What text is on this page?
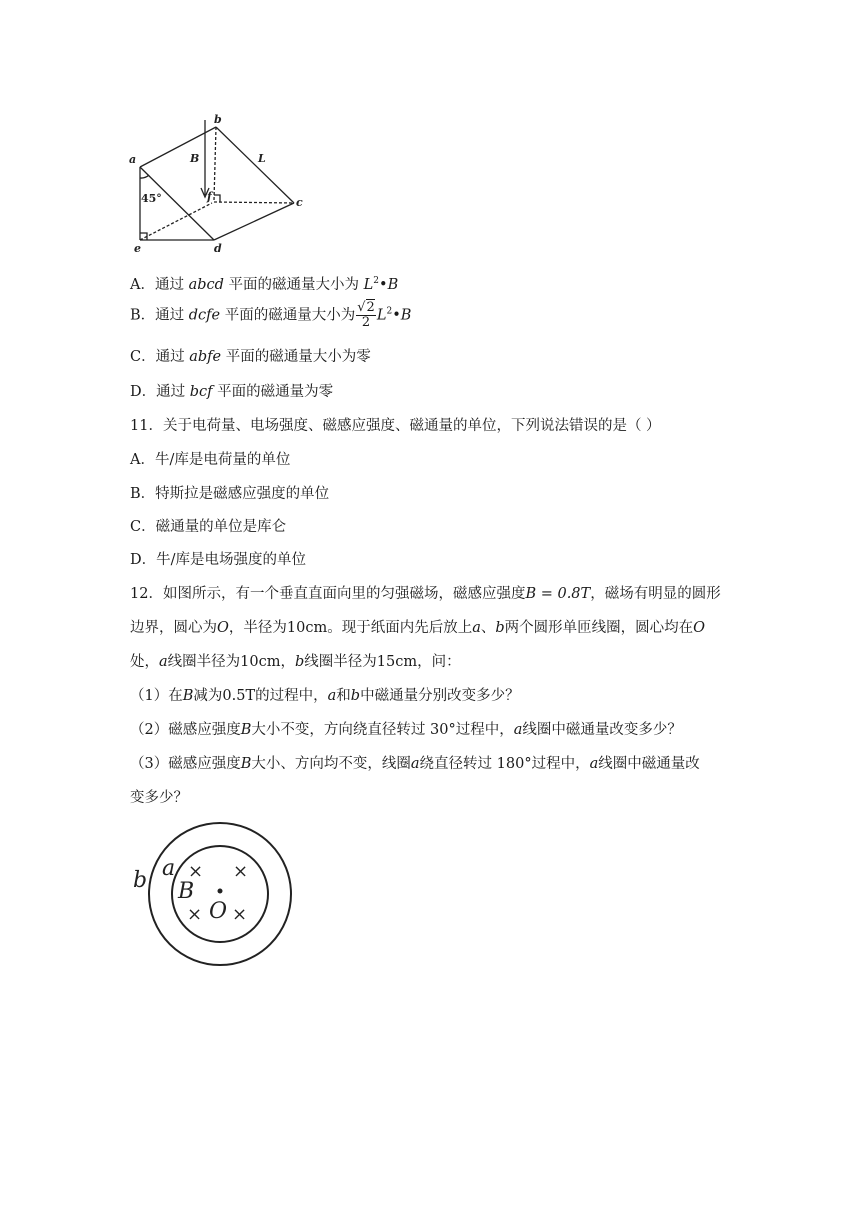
a
b
c
d
e
f
B	L
45°
A．通过 abcd 平面的磁通量大小为 $L^2•B$
B．通过 dcfe 平面的磁通量大小为 $\frac{√2}{2}$ $L^2•B$
C．通过 abfe 平面的磁通量大小为零
D．通过 bcf 平面的磁通量为零
11．关于电荷量、电场强度、磁感应强度、磁通量的单位，下列说法错误的是（ ）
A．牛/库是电荷量的单位
B．特斯拉是磁感应强度的单位
C．磁通量的单位是库仑
D．牛/库是电场强度的单位
12．如图所示，有一个垂直直面向里的匀强磁场，磁感应强度B = 0.8T，磁场有明显的圆形
边界，圆心为O，半径为10cm。现于纸面内先后放上a、b两个圆形单匝线圈，圆心均在O
处，a线圈半径为10cm，b线圈半径为15cm，问：
（1）在B减为0.5T的过程中，a和b中磁通量分别改变多少？
（2）磁感应强度B大小不变，方向绕直径转过 30°过程中，a线圈中磁通量改变多少？
（3）磁感应强度B大小、方向均不变，线圈a绕直径转过 180°过程中，a线圈中磁通量改
变多少？
b a
B
O
× ×
× ×
